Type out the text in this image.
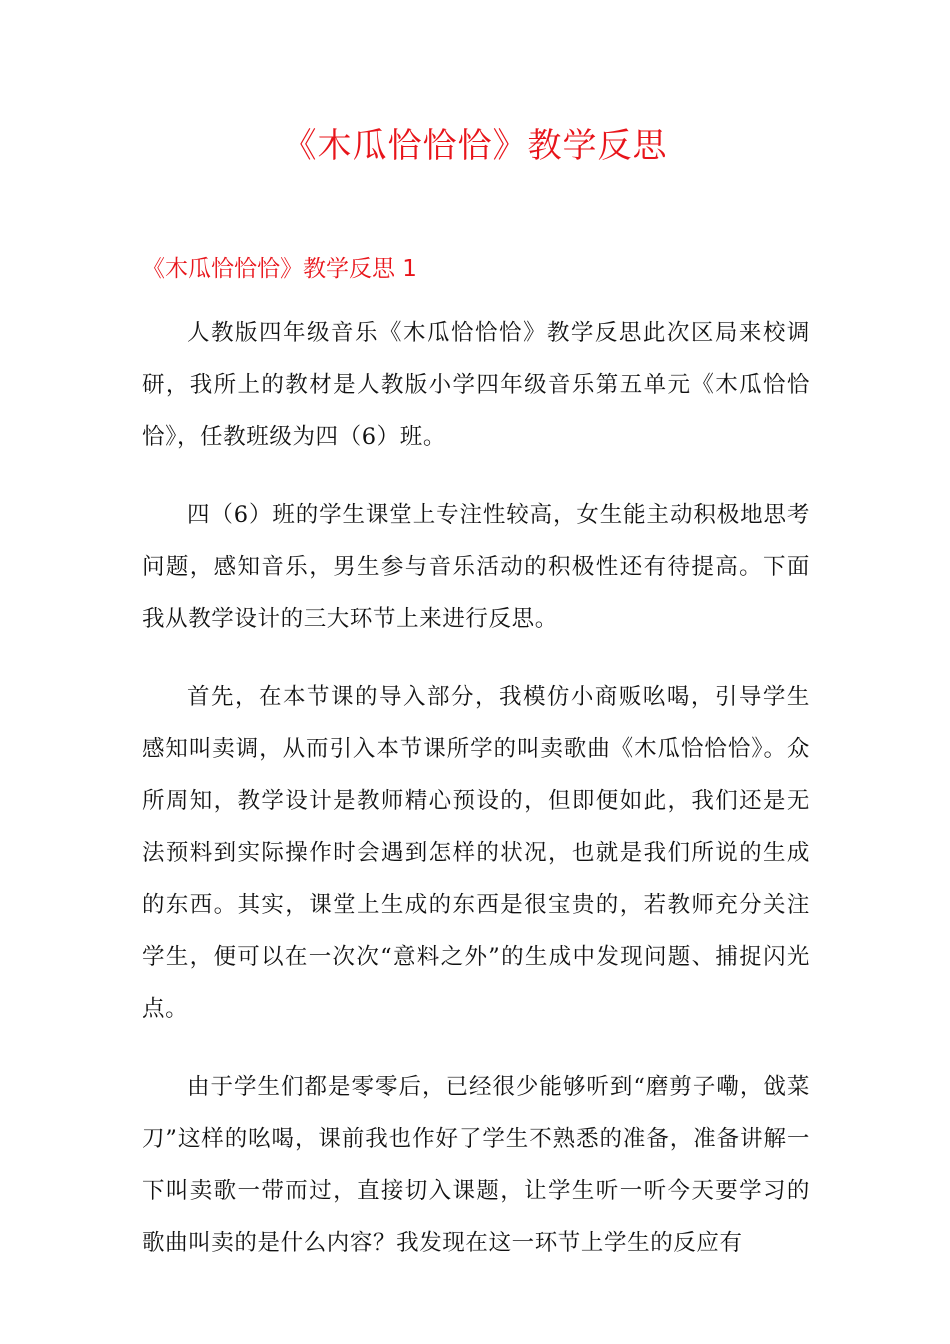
《木瓜恰恰恰》教学反思
《木瓜恰恰恰》教学反思 1

人教版四年级音乐《木瓜恰恰恰》教学反思此次区局来校调研，我所上的教材是人教版小学四年级音乐第五单元《木瓜恰恰恰》，任教班级为四（6）班。

四（6）班的学生课堂上专注性较高，女生能主动积极地思考问题，感知音乐，男生参与音乐活动的积极性还有待提高。下面我从教学设计的三大环节上来进行反思。

首先，在本节课的导入部分，我模仿小商贩吆喝，引导学生感知叫卖调，从而引入本节课所学的叫卖歌曲《木瓜恰恰恰》。众所周知，教学设计是教师精心预设的，但即便如此，我们还是无法预料到实际操作时会遇到怎样的状况，也就是我们所说的生成的东西。其实，课堂上生成的东西是很宝贵的，若教师充分关注学生，便可以在一次次“意料之外”的生成中发现问题、捕捉闪光点。

由于学生们都是零零后，已经很少能够听到“磨剪子嘞，戗菜刀”这样的吆喝，课前我也作好了学生不熟悉的准备，准备讲解一下叫卖歌一带而过，直接切入课题，让学生听一听今天要学习的歌曲叫卖的是什么内容？我发现在这一环节上学生的反应有
